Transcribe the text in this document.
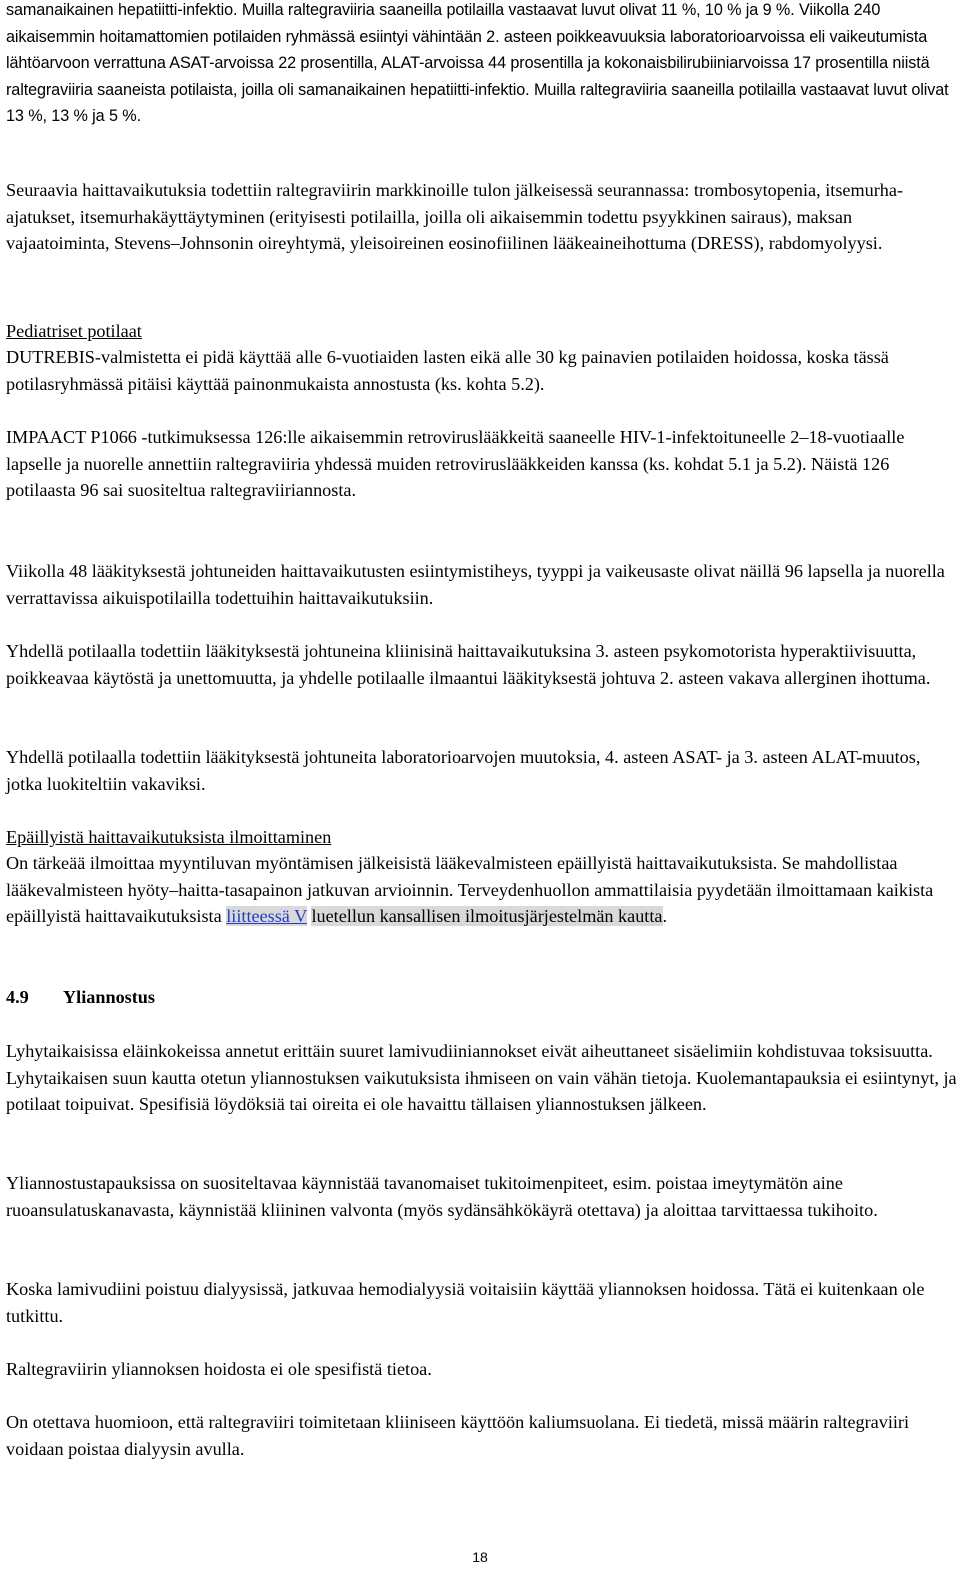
samanaikainen hepatiitti-infektio. Muilla raltegraviiria saaneilla potilailla vastaavat luvut olivat 11 %, 10 % ja 9 %. Viikolla 240 aikaisemmin hoitamattomien potilaiden ryhmässä esiintyi vähintään 2. asteen poikkeavuuksia laboratorioarvoissa eli vaikeutumista lähtöarvoon verrattuna ASAT-arvoissa 22 prosentilla, ALAT-arvoissa 44 prosentilla ja kokonaisbilirubiiniarvoissa 17 prosentilla niistä raltegraviiria saaneista potilaista, joilla oli samanaikainen hepatiitti-infektio. Muilla raltegraviiria saaneilla potilailla vastaavat luvut olivat 13 %, 13 % ja 5 %.

Seuraavia haittavaikutuksia todettiin raltegraviirin markkinoille tulon jälkeisessä seurannassa: trombosytopenia, itsemurha-ajatukset, itsemurhakäyttäytyminen (erityisesti potilailla, joilla oli aikaisemmin todettu psyykkinen sairaus), maksan vajaatoiminta, Stevens–Johnsonin oireyhtymä, yleisoireinen eosinofiilinen lääkeaineihottuma (DRESS), rabdomyolyysi.

Pediatriset potilaat

DUTREBIS-valmistetta ei pidä käyttää alle 6-vuotiaiden lasten eikä alle 30 kg painavien potilaiden hoidossa, koska tässä potilasryhmässä pitäisi käyttää painonmukaista annostusta (ks. kohta 5.2).

IMPAACT P1066 -tutkimuksessa 126:lle aikaisemmin retroviruslääkkeitä saaneelle HIV-1-infektoituneelle 2–18-vuotiaalle lapselle ja nuorelle annettiin raltegraviiria yhdessä muiden retroviruslääkkeiden kanssa (ks. kohdat 5.1 ja 5.2). Näistä 126 potilaasta 96 sai suositeltua raltegraviiriannosta.

Viikolla 48 lääkityksestä johtuneiden haittavaikutusten esiintymistiheys, tyyppi ja vaikeusaste olivat näillä 96 lapsella ja nuorella verrattavissa aikuispotilailla todettuihin haittavaikutuksiin.

Yhdellä potilaalla todettiin lääkityksestä johtuneina kliinisinä haittavaikutuksina 3. asteen psykomotorista hyperaktiivisuutta, poikkeavaa käytöstä ja unettomuutta, ja yhdelle potilaalle ilmaantui lääkityksestä johtuva 2. asteen vakava allerginen ihottuma.

Yhdellä potilaalla todettiin lääkityksestä johtuneita laboratorioarvojen muutoksia, 4. asteen ASAT- ja 3. asteen ALAT-muutos, jotka luokiteltiin vakaviksi.

Epäillyistä haittavaikutuksista ilmoittaminen

On tärkeää ilmoittaa myyntiluvan myöntämisen jälkeisistä lääkevalmisteen epäillyistä haittavaikutuksista. Se mahdollistaa lääkevalmisteen hyöty–haitta-tasapainon jatkuvan arvioinnin. Terveydenhuollon ammattilaisia pyydetään ilmoittamaan kaikista epäillyistä haittavaikutuksista liitteessä V luetellun kansallisen ilmoitusjärjestelmän kautta.

4.9 Yliannostus

Lyhytaikaisissa eläinkokeissa annetut erittäin suuret lamivudiiniannokset eivät aiheuttaneet sisäelimiin kohdistuvaa toksisuutta. Lyhytaikaisen suun kautta otetun yliannostuksen vaikutuksista ihmiseen on vain vähän tietoja. Kuolemantapauksia ei esiintynyt, ja potilaat toipuivat. Spesifisiä löydöksiä tai oireita ei ole havaittu tällaisen yliannostuksen jälkeen.

Yliannostustapauksissa on suositeltavaa käynnistää tavanomaiset tukitoimenpiteet, esim. poistaa imeytymätön aine ruoansulatuskanavasta, käynnistää kliininen valvonta (myös sydänsähkökäyrä otettava) ja aloittaa tarvittaessa tukihoito.

Koska lamivudiini poistuu dialyysissä, jatkuvaa hemodialyysiä voitaisiin käyttää yliannoksen hoidossa. Tätä ei kuitenkaan ole tutkittu.

Raltegraviirin yliannoksen hoidosta ei ole spesifistä tietoa.

On otettava huomioon, että raltegraviiri toimitetaan kliiniseen käyttöön kaliumsuolana. Ei tiedetä, missä määrin raltegraviiri voidaan poistaa dialyysin avulla.

18
